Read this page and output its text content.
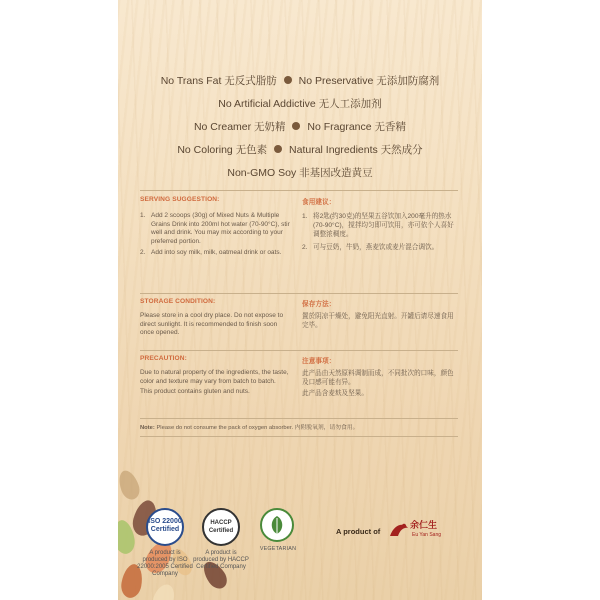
No Trans Fat 无反式脂肪 No Preservative 无添加防腐剂
No Artificial Addictive 无人工添加剂
No Creamer 无奶精 No Fragrance 无香精
No Coloring 无色素 Natural Ingredients 天然成分
Non-GMO Soy 非基因改造黄豆
SERVING SUGGESTION:	食用建议：
1. Add 2 scoops (30g) of Mixed Nuts & Multiple Grains Drink into 200ml hot water (70-90°C), stir well and drink. You may mix according to your preferred portion.
2. Add into soy milk, milk, oatmeal drink or oats.
1. 将2匙(约30克)的坚果五谷饮加入200毫升的热水(70-90°C)，搅拌均匀即可饮用，亦可依个人喜好调整浓稠度。
2. 可与豆奶，牛奶，燕麦饮或麦片混合调饮。
STORAGE CONDITION:	保存方法：
Please store in a cool dry place. Do not expose to direct sunlight. It is recommended to finish soon once opened.
置於阴凉干燥处，避免阳光直射。开罐后请尽速食用完毕。
PRECAUTION:	注意事项：
Due to natural property of the ingredients, the taste, color and texture may vary from batch to batch.
This product contains gluten and nuts.
此产品由天然原料调制而成，不同批次的口味，颜色及口感可能有异。
此产品含麦麸及坚果。
Note: Please do not consume the pack of oxygen absorber. 内附脱氧剂，请勿食用。
ISO 22000 Certified
A product is produced by ISO 22000:2005 Certified Company
HACCP Certified
A product is produced by HACCP Certified Company
VEGETARIAN
A product of
余仁生
Eu Yan Sang
